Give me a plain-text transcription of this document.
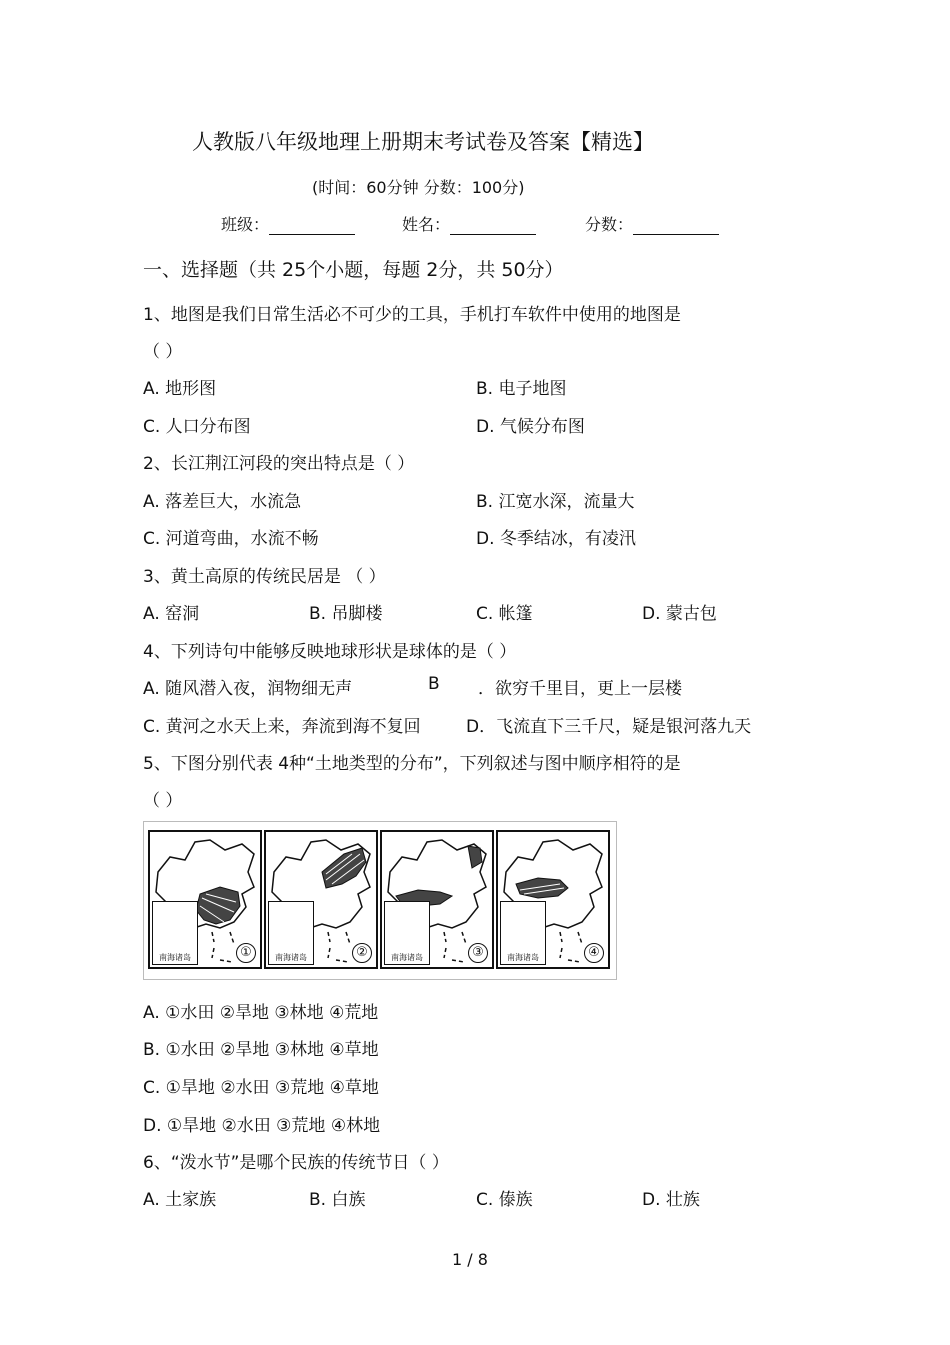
人教版八年级地理上册期末考试卷及答案【精选】
(时间：60分钟 分数：100分)
班级：	姓名：	分数：
一、选择题（共 25个小题，每题 2分，共 50分）
1、地图是我们日常生活必不可少的工具，手机打车软件中使用的地图是
（ ）
A. 地形图	B. 电子地图
C. 人口分布图	D. 气候分布图
2、长江荆江河段的突出特点是（ ）
A. 落差巨大，水流急	B. 江宽水深，流量大
C. 河道弯曲，水流不畅	D. 冬季结冰，有凌汛
3、黄土高原的传统民居是 （ ）
A. 窑洞	B. 吊脚楼	C. 帐篷	D. 蒙古包
4、下列诗句中能够反映地球形状是球体的是（ ）
A. 随风潜入夜，润物细无声	B ．欲穷千里目，更上一层楼
C. 黄河之水天上来，奔流到海不复回	D．飞流直下三千尺，疑是银河落九天
5、下图分别代表 4种“土地类型的分布”，下列叙述与图中顺序相符的是
（ ）
南海诸岛	①	南海诸岛	②	南海诸岛	③	南海诸岛	④
A. ①水田 ②旱地 ③林地 ④荒地
B. ①水田 ②旱地 ③林地 ④草地
C. ①旱地 ②水田 ③荒地 ④草地
D. ①旱地 ②水田 ③荒地 ④林地
6、“泼水节”是哪个民族的传统节日（ ）
A. 土家族	B. 白族	C. 傣族	D. 壮族
1 / 8
